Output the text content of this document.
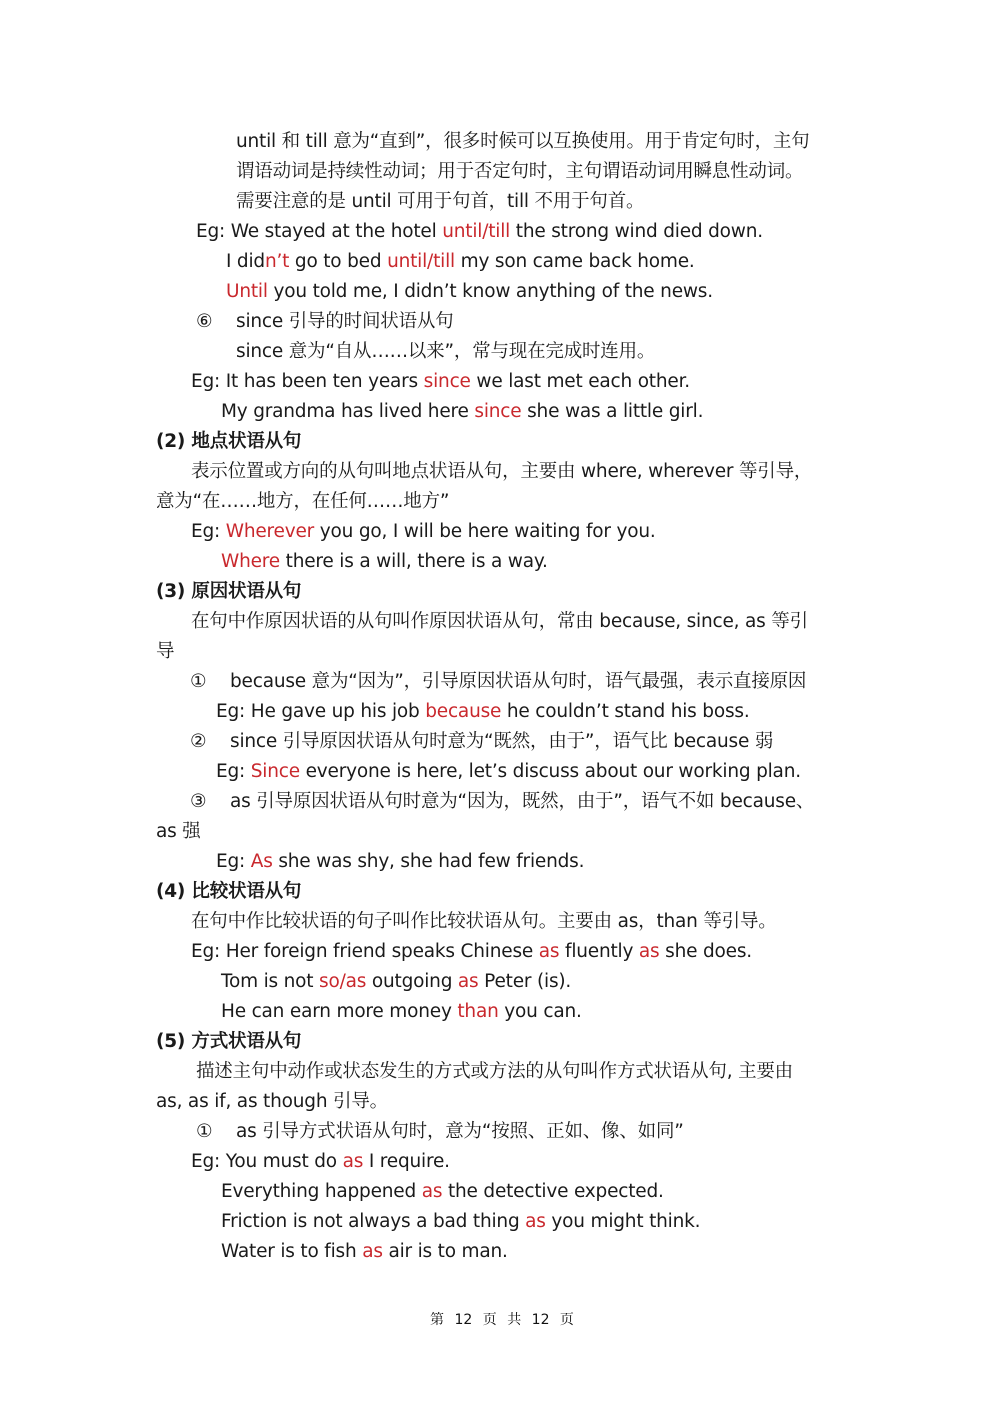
until 和 till 意为“直到”，很多时候可以互换使用。用于肯定句时，主句
谓语动词是持续性动词；用于否定句时，主句谓语动词用瞬息性动词。
需要注意的是 until 可用于句首，till 不用于句首。
Eg: We stayed at the hotel until/till the strong wind died down.
I didn’t go to bed until/till my son came back home.
Until you told me, I didn’t know anything of the news.
⑥ since 引导的时间状语从句
since 意为“自从……以来”，常与现在完成时连用。
Eg: It has been ten years since we last met each other.
My grandma has lived here since she was a little girl.
(2) 地点状语从句
表示位置或方向的从句叫地点状语从句，主要由 where, wherever 等引导，
意为“在……地方，在任何……地方”
Eg: Wherever you go, I will be here waiting for you.
Where there is a will, there is a way.
(3) 原因状语从句
在句中作原因状语的从句叫作原因状语从句，常由 because, since, as 等引
导
① because 意为“因为”，引导原因状语从句时，语气最强，表示直接原因
Eg: He gave up his job because he couldn’t stand his boss.
② since 引导原因状语从句时意为“既然，由于”，语气比 because 弱
Eg: Since everyone is here, let’s discuss about our working plan.
③ as 引导原因状语从句时意为“因为，既然，由于”，语气不如 because、
as 强
Eg: As she was shy, she had few friends.
(4) 比较状语从句
在句中作比较状语的句子叫作比较状语从句。主要由 as，than 等引导。
Eg: Her foreign friend speaks Chinese as fluently as she does.
Tom is not so/as outgoing as Peter (is).
He can earn more money than you can.
(5) 方式状语从句
描述主句中动作或状态发生的方式或方法的从句叫作方式状语从句, 主要由
as, as if, as though 引导。
① as 引导方式状语从句时，意为“按照、正如、像、如同”
Eg: You must do as I require.
Everything happened as the detective expected.
Friction is not always a bad thing as you might think.
Water is to fish as air is to man.
第 12 页 共 12 页
